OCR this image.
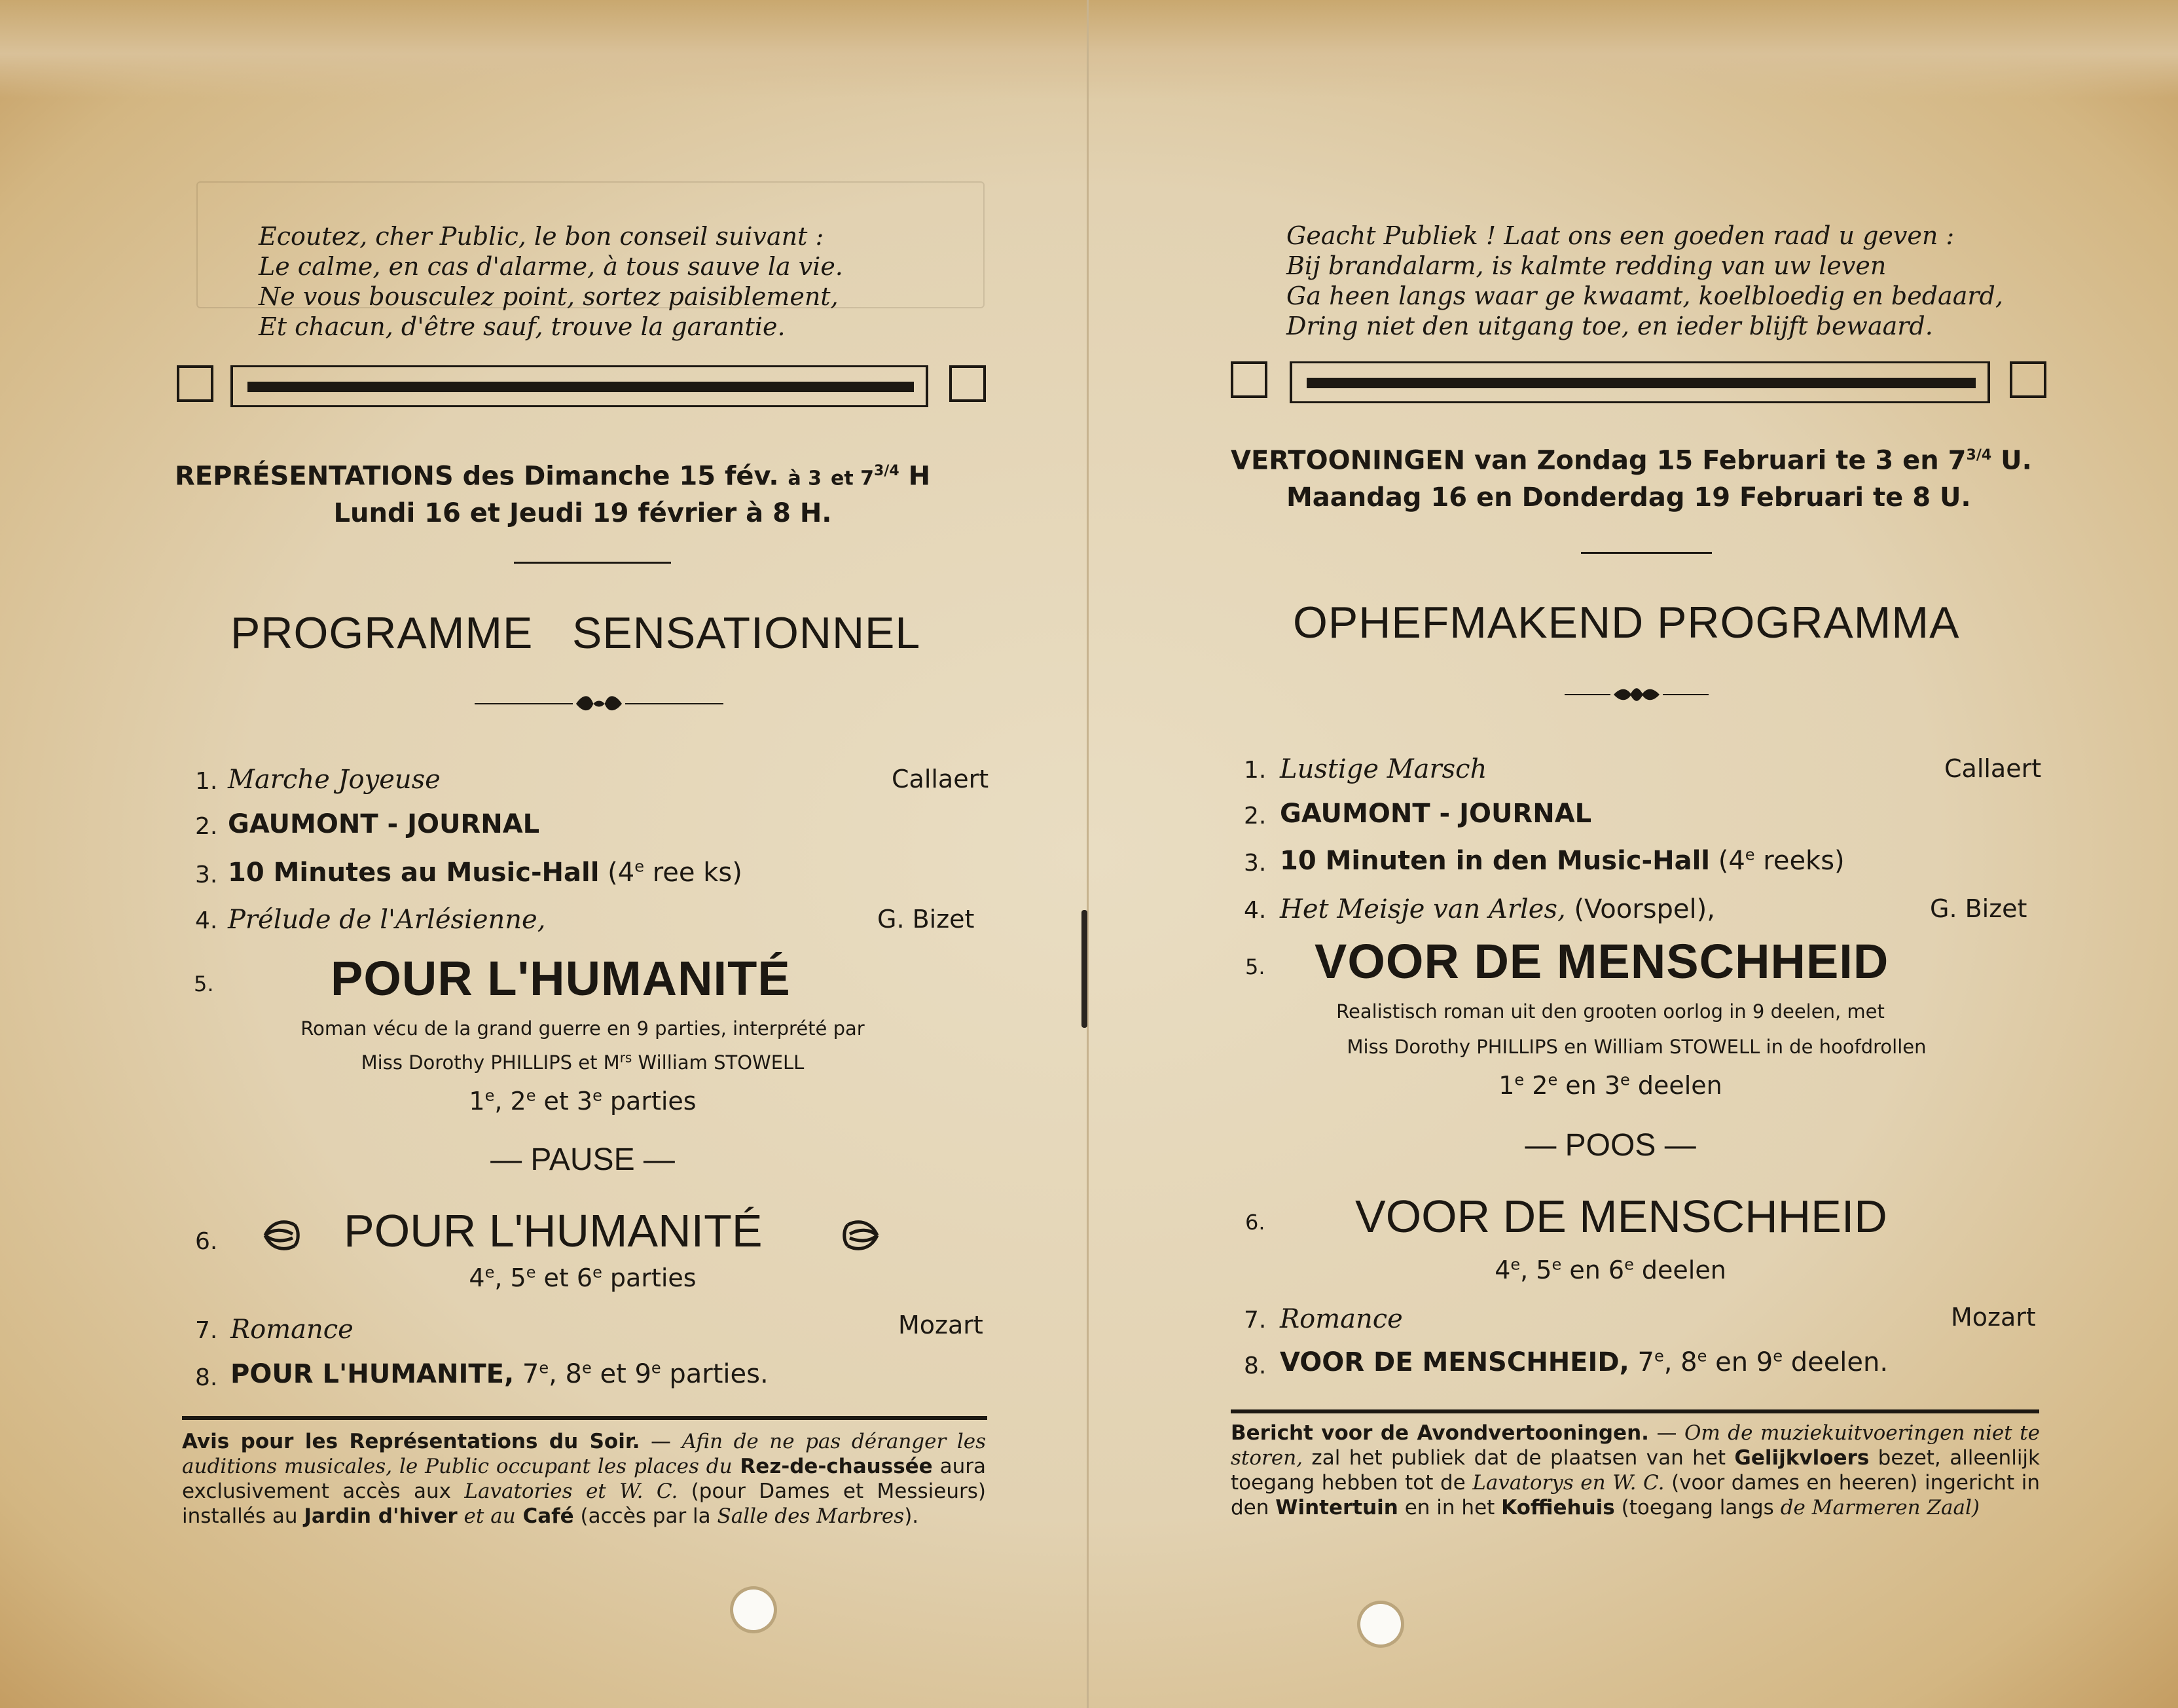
Ecoutez, cher Public, le bon conseil suivant :
Le calme, en cas d'alarme, à tous sauve la vie.
Ne vous bousculez point, sortez paisiblement,
Et chacun, d'être sauf, trouve la garantie.
REPRÉSENTATIONS des Dimanche 15 fév. à 3 et $7^{3/4}$ H
Lundi 16 et Jeudi 19 février à 8 H.
PROGRAMME   SENSATIONNEL
1. Marche Joyeuse	Callaert
2. GAUMONT - JOURNAL
3. 10 Minutes au Music-Hall (4e ree ks)
4. Prélude de l'Arlésienne,	G. Bizet
5. POUR L'HUMANITÉ
Roman vécu de la grand guerre en 9 parties, interprété par
Miss Dorothy PHILLIPS et $M^{rs}$ William STOWELL
1e, 2e et 3e parties
— PAUSE —
6.	POUR L'HUMANITÉ
4e, 5e et 6e parties
7. Romance	Mozart
8. POUR L'HUMANITE, 7e, 8e et 9e parties.
Avis pour les Représentations du Soir. — Afin de ne pas déranger les auditions musicales, le Public occupant les places du Rez-de-chaussée aura exclusivement accès aux Lavatories et W. C. (pour Dames et Messieurs) installés au Jardin d'hiver et au Café (accès par la Salle des Marbres).
Geacht Publiek ! Laat ons een goeden raad u geven :
Bij brandalarm, is kalmte redding van uw leven
Ga heen langs waar ge kwaamt, koelbloedig en bedaard,
Dring niet den uitgang toe, en ieder blijft bewaard.
VERTOONINGEN van Zondag 15 Februari te 3 en $7^{3/4}$ U.
Maandag 16 en Donderdag 19 Februari te 8 U.
OPHEFMAKEND PROGRAMMA
1. Lustige Marsch	Callaert
2. GAUMONT - JOURNAL
3. 10 Minuten in den Music-Hall (4e reeks)
4. Het Meisje van Arles, (Voorspel),	G. Bizet
5. VOOR DE MENSCHHEID
Realistisch roman uit den grooten oorlog in 9 deelen, met
Miss Dorothy PHILLIPS en William STOWELL in de hoofdrollen
1e 2e en 3e deelen
— POOS —
6. VOOR DE MENSCHHEID
4e, 5e en 6e deelen
7. Romance	Mozart
8. VOOR DE MENSCHHEID, 7e, 8e en 9e deelen.
Bericht voor de Avondvertooningen. — Om de muziekuitvoeringen niet te storen, zal het publiek dat de plaatsen van het Gelijkvloers bezet, alleenlijk toegang hebben tot de Lavatorys en W. C. (voor dames en heeren) ingericht in den Wintertuin en in het Koffiehuis (toegang langs de Marmeren Zaal)
